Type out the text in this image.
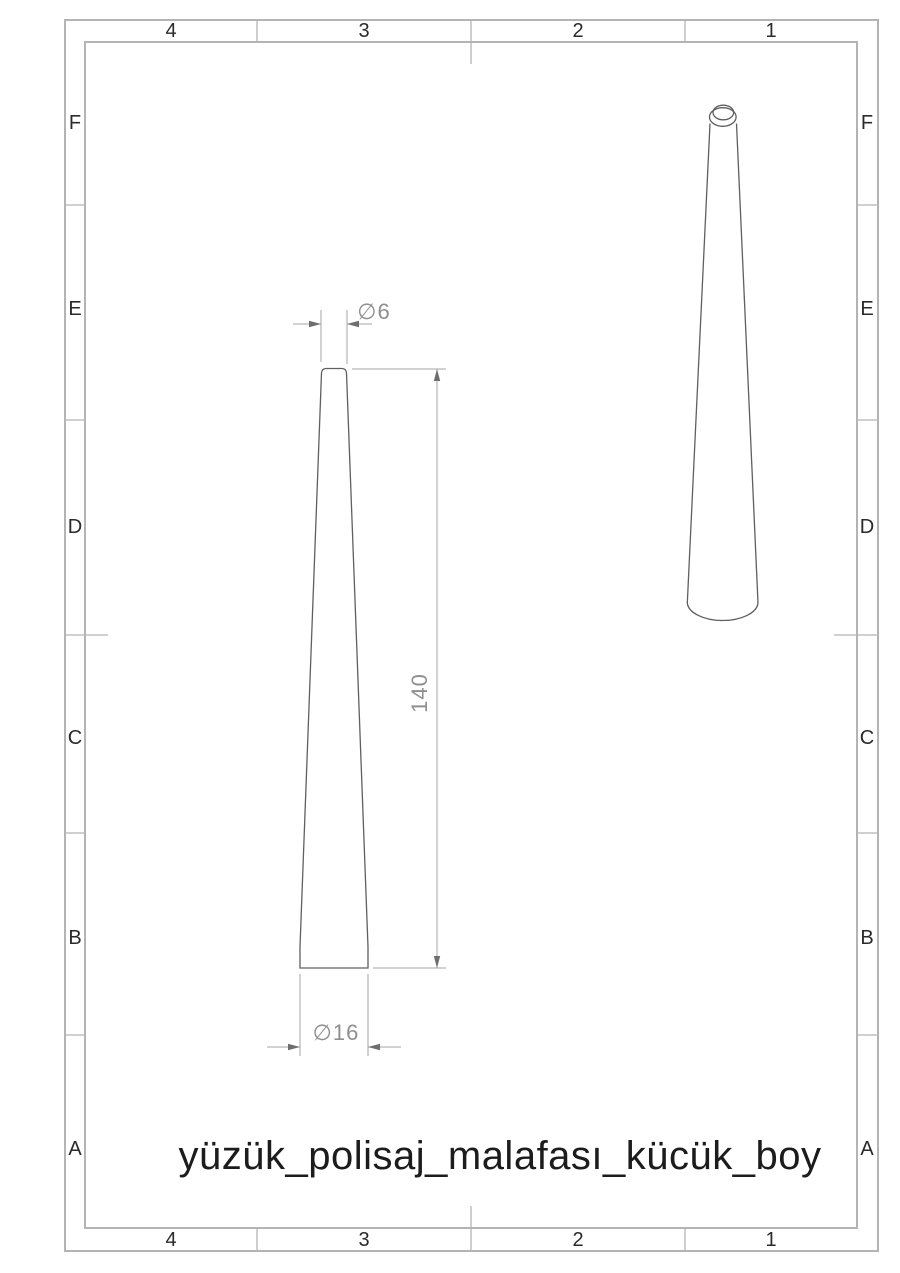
4	3	2	1
4	3	2	1
F
E
D
C
B
A
F
E
D
C
B
A
∅6
140
∅16
yüzük_polisaj_malafası_kücük_boy
